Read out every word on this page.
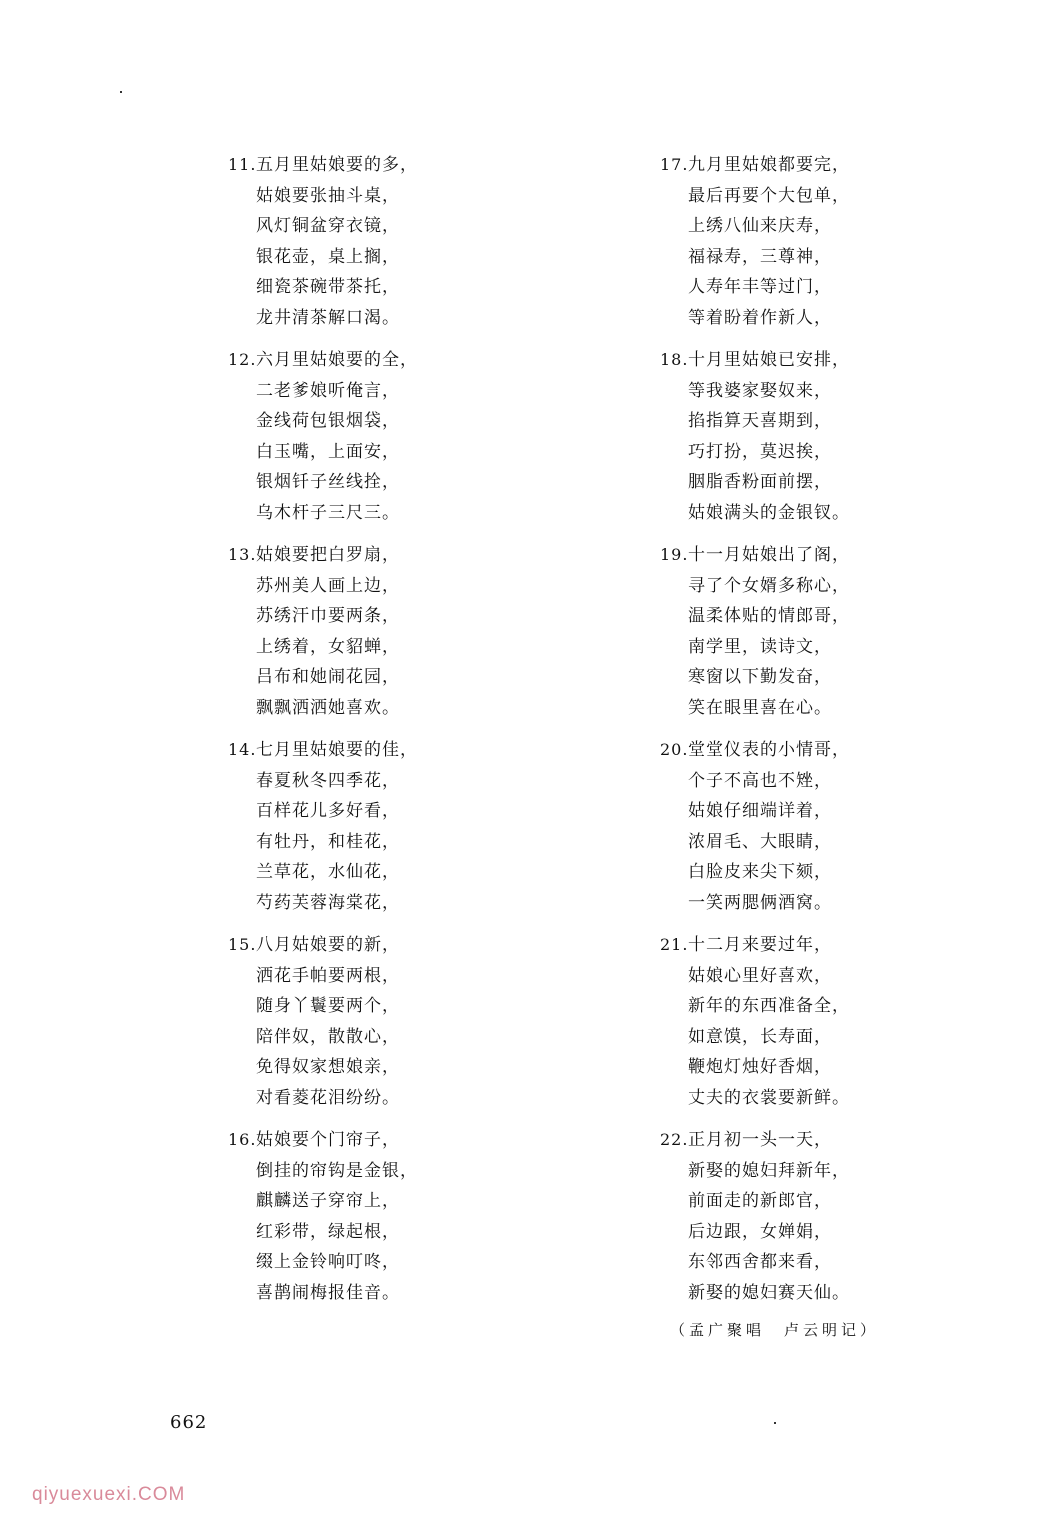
11. 五月里姑娘要的多，
姑娘要张抽斗桌，
风灯铜盆穿衣镜，
银花壶，桌上搁，
细瓷茶碗带茶托，
龙井清茶解口渴。
12. 六月里姑娘要的全，
二老爹娘听俺言，
金线荷包银烟袋，
白玉嘴，上面安，
银烟钎子丝线拴，
乌木杆子三尺三。
13. 姑娘要把白罗扇，
苏州美人画上边，
苏绣汗巾要两条，
上绣着，女貂蝉，
吕布和她闹花园，
飘飘洒洒她喜欢。
14. 七月里姑娘要的佳，
春夏秋冬四季花，
百样花儿多好看，
有牡丹，和桂花，
兰草花，水仙花，
芍药芙蓉海棠花，
15. 八月姑娘要的新，
洒花手帕要两根，
随身丫鬟要两个，
陪伴奴，散散心，
免得奴家想娘亲，
对看菱花泪纷纷。
16. 姑娘要个门帘子，
倒挂的帘钩是金银，
麒麟送子穿帘上，
红彩带，绿起根，
缀上金铃响叮咚，
喜鹊闹梅报佳音。
17. 九月里姑娘都要完，
最后再要个大包单，
上绣八仙来庆寿，
福禄寿，三尊神，
人寿年丰等过门，
等着盼着作新人，
18. 十月里姑娘已安排，
等我婆家娶奴来，
掐指算天喜期到，
巧打扮，莫迟挨，
胭脂香粉面前摆，
姑娘满头的金银钗。
19. 十一月姑娘出了阁，
寻了个女婿多称心，
温柔体贴的情郎哥，
南学里，读诗文，
寒窗以下勤发奋，
笑在眼里喜在心。
20. 堂堂仪表的小情哥，
个子不高也不矬，
姑娘仔细端详着，
浓眉毛、大眼睛，
白脸皮来尖下颏，
一笑两腮俩酒窝。
21. 十二月来要过年，
姑娘心里好喜欢，
新年的东西准备全，
如意馍，长寿面，
鞭炮灯烛好香烟，
丈夫的衣裳要新鲜。
22. 正月初一头一天，
新娶的媳妇拜新年，
前面走的新郎官，
后边跟，女婵娟，
东邻西舍都来看，
新娶的媳妇赛天仙。
（孟广聚唱　卢云明记）
662
qiyuexuexi.COM
